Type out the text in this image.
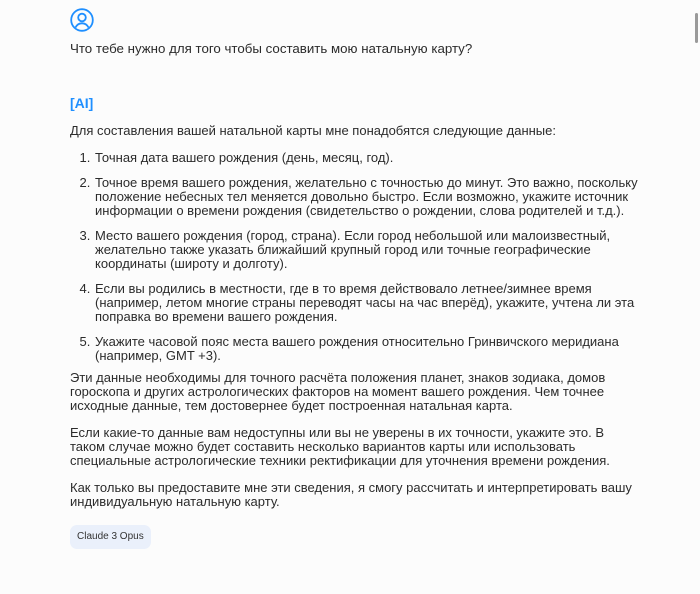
Что тебе нужно для того чтобы составить мою натальную карту?
[AI]
Для составления вашей натальной карты мне понадобятся следующие данные:
1. Точная дата вашего рождения (день, месяц, год).
2. Точное время вашего рождения, желательно с точностью до минут. Это важно, поскольку положение небесных тел меняется довольно быстро. Если возможно, укажите источник информации о времени рождения (свидетельство о рождении, слова родителей и т.д.).
3. Место вашего рождения (город, страна). Если город небольшой или малоизвестный, желательно также указать ближайший крупный город или точные географические координаты (широту и долготу).
4. Если вы родились в местности, где в то время действовало летнее/зимнее время (например, летом многие страны переводят часы на час вперёд), укажите, учтена ли эта поправка во времени вашего рождения.
5. Укажите часовой пояс места вашего рождения относительно Гринвичского меридиана (например, GMT +3).

Эти данные необходимы для точного расчёта положения планет, знаков зодиака, домов гороскопа и других астрологических факторов на момент вашего рождения. Чем точнее исходные данные, тем достовернее будет построенная натальная карта.

Если какие-то данные вам недоступны или вы не уверены в их точности, укажите это. В таком случае можно будет составить несколько вариантов карты или использовать специальные астрологические техники ректификации для уточнения времени рождения.

Как только вы предоставите мне эти сведения, я смогу рассчитать и интерпретировать вашу индивидуальную натальную карту.

Claude 3 Opus
